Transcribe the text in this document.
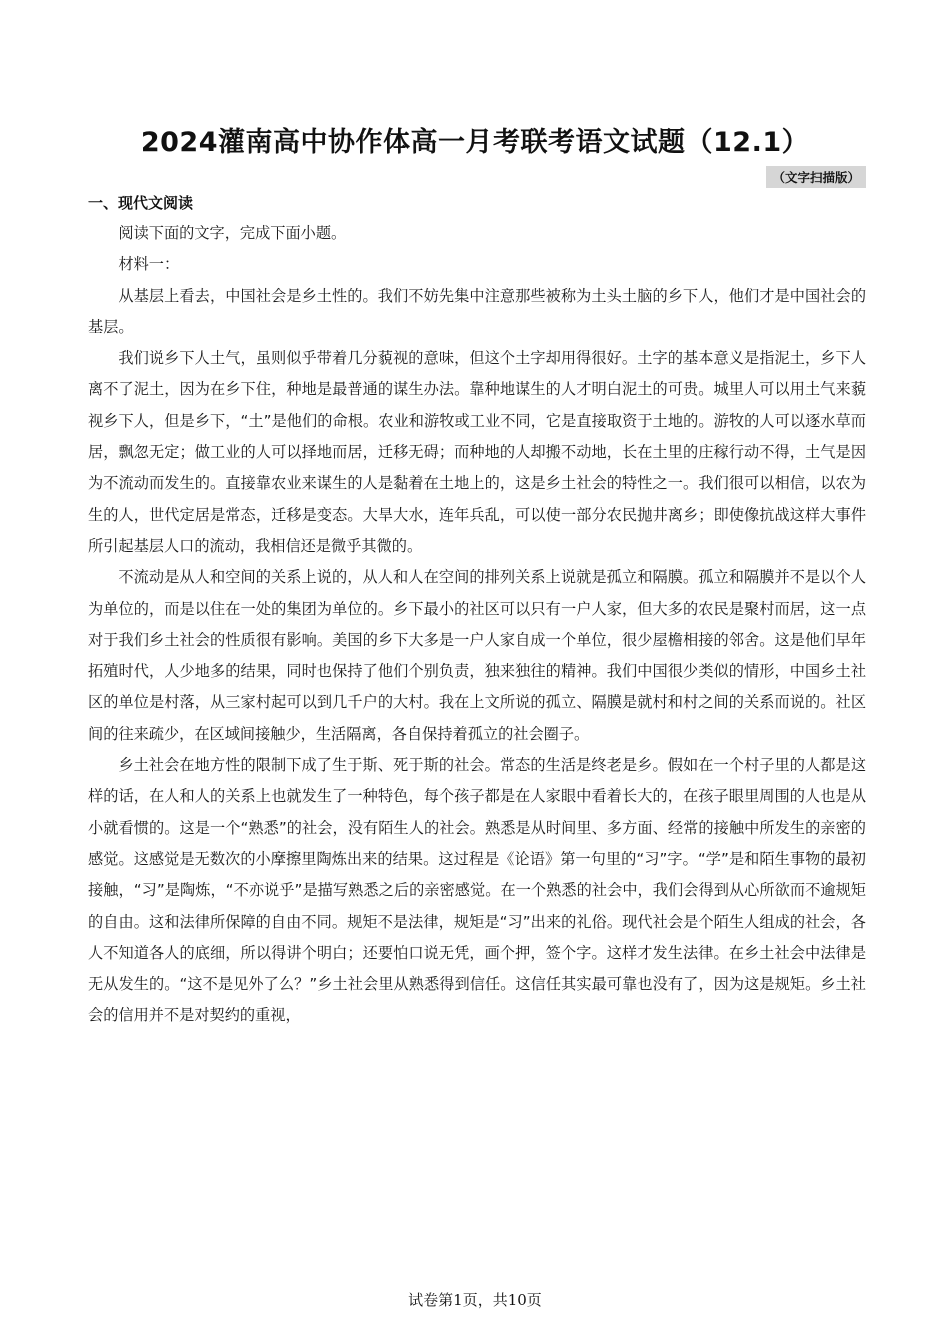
2024灌南高中协作体高一月考联考语文试题（12.1）
（文字扫描版）
一、现代文阅读

阅读下面的文字，完成下面小题。

材料一：

从基层上看去，中国社会是乡土性的。我们不妨先集中注意那些被称为土头土脑的乡下人，他们才是中国社会的基层。

我们说乡下人土气，虽则似乎带着几分藐视的意味，但这个土字却用得很好。土字的基本意义是指泥土，乡下人离不了泥土，因为在乡下住，种地是最普通的谋生办法。靠种地谋生的人才明白泥土的可贵。城里人可以用土气来藐视乡下人，但是乡下，“土”是他们的命根。农业和游牧或工业不同，它是直接取资于土地的。游牧的人可以逐水草而居，飘忽无定；做工业的人可以择地而居，迁移无碍；而种地的人却搬不动地，长在土里的庄稼行动不得，土气是因为不流动而发生的。直接靠农业来谋生的人是黏着在土地上的，这是乡土社会的特性之一。我们很可以相信，以农为生的人，世代定居是常态，迁移是变态。大旱大水，连年兵乱，可以使一部分农民抛井离乡；即使像抗战这样大事件所引起基层人口的流动，我相信还是微乎其微的。

不流动是从人和空间的关系上说的，从人和人在空间的排列关系上说就是孤立和隔膜。孤立和隔膜并不是以个人为单位的，而是以住在一处的集团为单位的。乡下最小的社区可以只有一户人家，但大多的农民是聚村而居，这一点对于我们乡土社会的性质很有影响。美国的乡下大多是一户人家自成一个单位，很少屋檐相接的邻舍。这是他们早年拓殖时代，人少地多的结果，同时也保持了他们个别负责，独来独往的精神。我们中国很少类似的情形，中国乡土社区的单位是村落，从三家村起可以到几千户的大村。我在上文所说的孤立、隔膜是就村和村之间的关系而说的。社区间的往来疏少，在区域间接触少，生活隔离，各自保持着孤立的社会圈子。

乡土社会在地方性的限制下成了生于斯、死于斯的社会。常态的生活是终老是乡。假如在一个村子里的人都是这样的话，在人和人的关系上也就发生了一种特色，每个孩子都是在人家眼中看着长大的，在孩子眼里周围的人也是从小就看惯的。这是一个“熟悉”的社会，没有陌生人的社会。熟悉是从时间里、多方面、经常的接触中所发生的亲密的感觉。这感觉是无数次的小摩擦里陶炼出来的结果。这过程是《论语》第一句里的“习”字。“学”是和陌生事物的最初接触，“习”是陶炼，“不亦说乎”是描写熟悉之后的亲密感觉。在一个熟悉的社会中，我们会得到从心所欲而不逾规矩的自由。这和法律所保障的自由不同。规矩不是法律，规矩是“习”出来的礼俗。现代社会是个陌生人组成的社会，各人不知道各人的底细，所以得讲个明白；还要怕口说无凭，画个押，签个字。这样才发生法律。在乡土社会中法律是无从发生的。“这不是见外了么？”乡土社会里从熟悉得到信任。这信任其实最可靠也没有了，因为这是规矩。乡土社会的信用并不是对契约的重视，

试卷第1页，共10页
